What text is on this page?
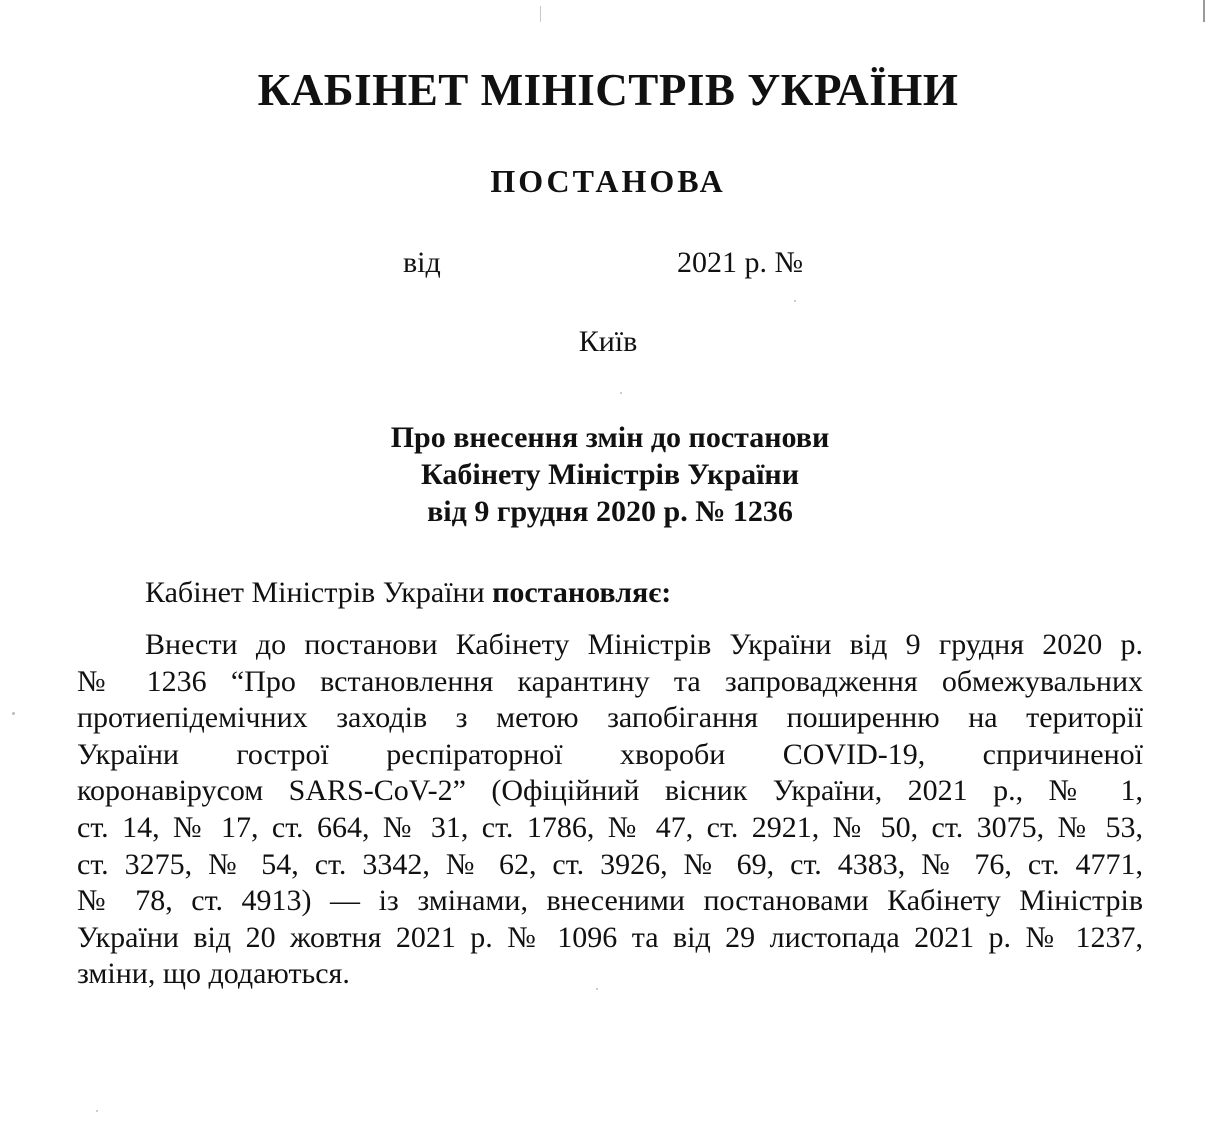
КАБІНЕТ МІНІСТРІВ УКРАЇНИ
ПОСТАНОВА
від	2021 р. №
Київ
Про внесення змін до постанови
Кабінету Міністрів України
від 9 грудня 2020 р. № 1236
Кабінет Міністрів України постановляє:
Внести до постанови Кабінету Міністрів України від 9 грудня 2020 р.
№ 1236 “Про встановлення карантину та запровадження обмежувальних
протиепідемічних заходів з метою запобігання поширенню на території
України гострої респіраторної хвороби COVID-19, спричиненої
коронавірусом SARS-CoV-2” (Офіційний вісник України, 2021 р., № 1,
ст. 14, № 17, ст. 664, № 31, ст. 1786, № 47, ст. 2921, № 50, ст. 3075, № 53,
ст. 3275, № 54, ст. 3342, № 62, ст. 3926, № 69, ст. 4383, № 76, ст. 4771,
№ 78, ст. 4913) — із змінами, внесеними постановами Кабінету Міністрів
України від 20 жовтня 2021 р. № 1096 та від 29 листопада 2021 р. № 1237,
зміни, що додаються.
